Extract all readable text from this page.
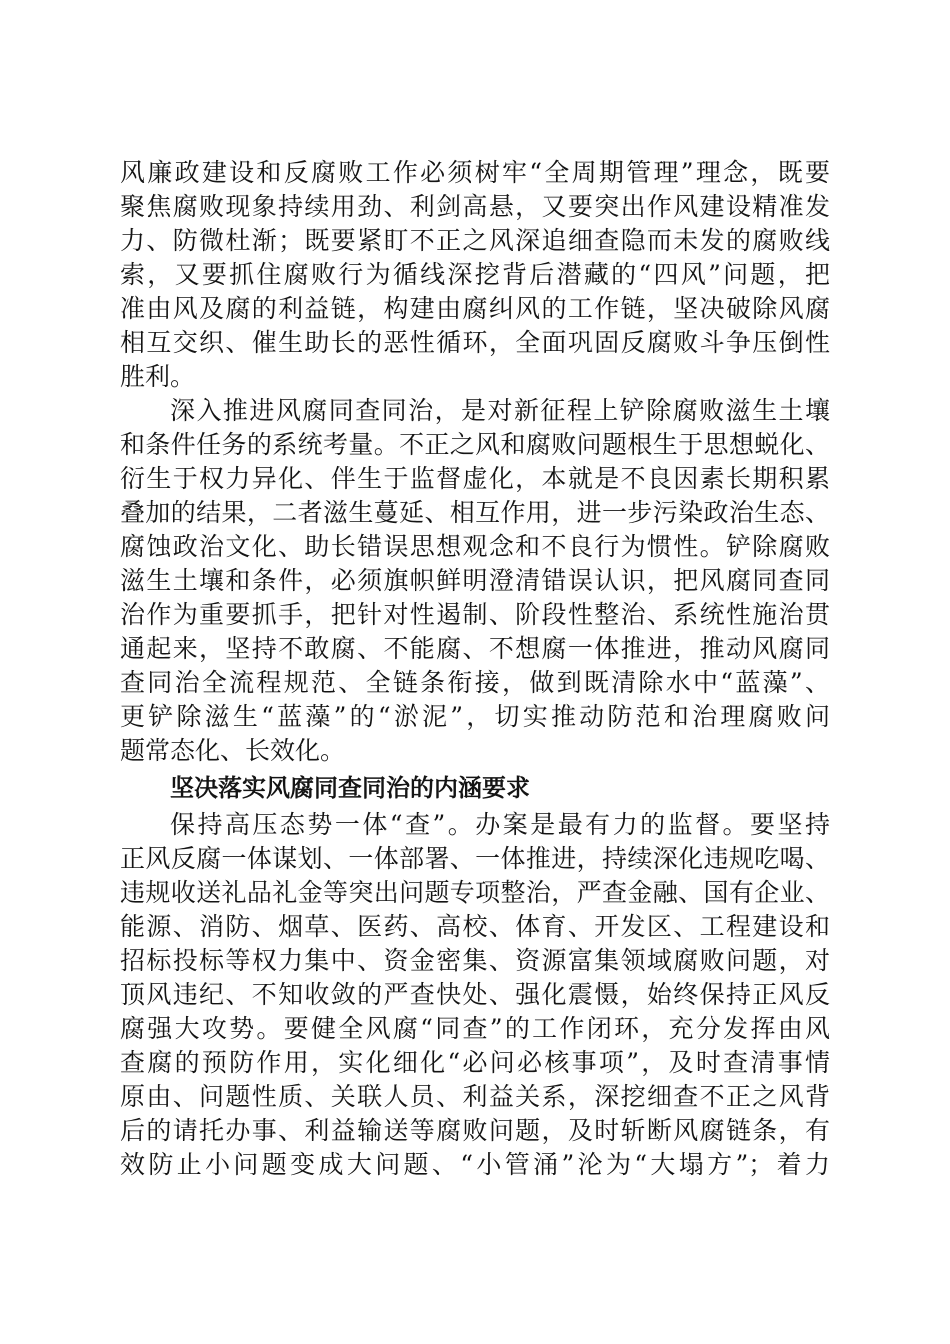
风廉政建设和反腐败工作必须树牢“全周期管理”理念，既要
聚焦腐败现象持续用劲、利剑高悬，又要突出作风建设精准发
力、防微杜渐；既要紧盯不正之风深追细查隐而未发的腐败线
索，又要抓住腐败行为循线深挖背后潜藏的“四风”问题，把
准由风及腐的利益链，构建由腐纠风的工作链，坚决破除风腐
相互交织、催生助长的恶性循环，全面巩固反腐败斗争压倒性
胜利。
深入推进风腐同查同治，是对新征程上铲除腐败滋生土壤
和条件任务的系统考量。不正之风和腐败问题根生于思想蜕化、
衍生于权力异化、伴生于监督虚化，本就是不良因素长期积累
叠加的结果，二者滋生蔓延、相互作用，进一步污染政治生态、
腐蚀政治文化、助长错误思想观念和不良行为惯性。铲除腐败
滋生土壤和条件，必须旗帜鲜明澄清错误认识，把风腐同查同
治作为重要抓手，把针对性遏制、阶段性整治、系统性施治贯
通起来，坚持不敢腐、不能腐、不想腐一体推进，推动风腐同
查同治全流程规范、全链条衔接，做到既清除水中“蓝藻”、
更铲除滋生“蓝藻”的“淤泥”，切实推动防范和治理腐败问
题常态化、长效化。
坚决落实风腐同查同治的内涵要求
保持高压态势一体“查”。办案是最有力的监督。要坚持
正风反腐一体谋划、一体部署、一体推进，持续深化违规吃喝、
违规收送礼品礼金等突出问题专项整治，严查金融、国有企业、
能源、消防、烟草、医药、高校、体育、开发区、工程建设和
招标投标等权力集中、资金密集、资源富集领域腐败问题，对
顶风违纪、不知收敛的严查快处、强化震慑，始终保持正风反
腐强大攻势。要健全风腐“同查”的工作闭环，充分发挥由风
查腐的预防作用，实化细化“必问必核事项”，及时查清事情
原由、问题性质、关联人员、利益关系，深挖细查不正之风背
后的请托办事、利益输送等腐败问题，及时斩断风腐链条，有
效防止小问题变成大问题、“小管涌”沦为“大塌方”；着力
